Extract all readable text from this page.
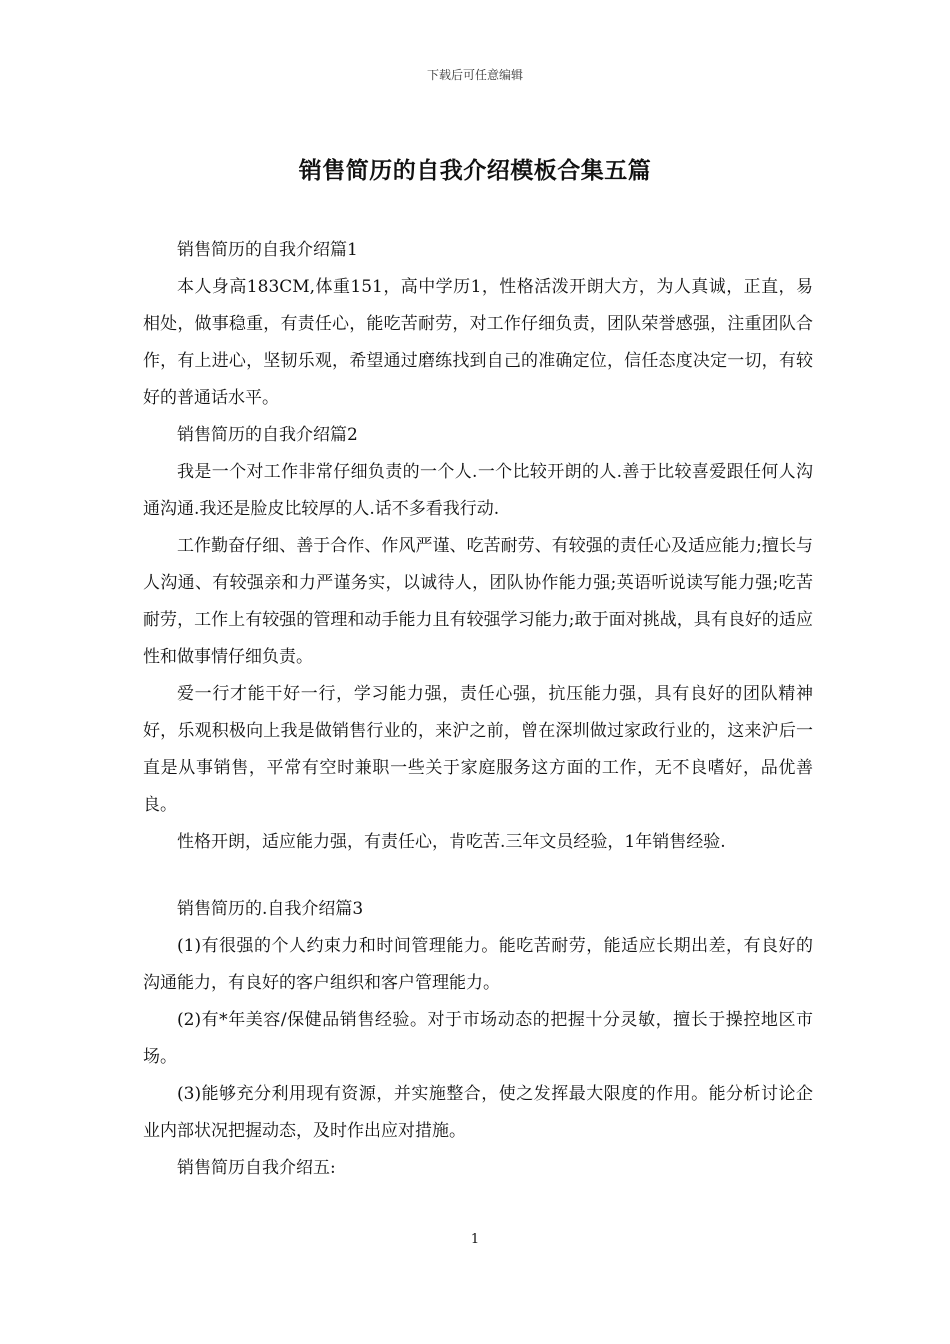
下载后可任意编辑
销售简历的自我介绍模板合集五篇

销售简历的自我介绍篇1

本人身高183CM,体重151，高中学历1，性格活泼开朗大方，为人真诚，正直，易相处，做事稳重，有责任心，能吃苦耐劳，对工作仔细负责，团队荣誉感强，注重团队合作，有上进心，坚韧乐观，希望通过磨练找到自己的准确定位，信任态度决定一切，有较好的普通话水平。

销售简历的自我介绍篇2

我是一个对工作非常仔细负责的一个人.一个比较开朗的人.善于比较喜爱跟任何人沟通沟通.我还是脸皮比较厚的人.话不多看我行动.

工作勤奋仔细、善于合作、作风严谨、吃苦耐劳、有较强的责任心及适应能力;擅长与人沟通、有较强亲和力严谨务实，以诚待人，团队协作能力强;英语听说读写能力强;吃苦耐劳，工作上有较强的管理和动手能力且有较强学习能力;敢于面对挑战，具有良好的适应性和做事情仔细负责。

爱一行才能干好一行，学习能力强，责任心强，抗压能力强，具有良好的团队精神好，乐观积极向上我是做销售行业的，来沪之前，曾在深圳做过家政行业的，这来沪后一直是从事销售，平常有空时兼职一些关于家庭服务这方面的工作，无不良嗜好，品优善良。

性格开朗，适应能力强，有责任心，肯吃苦.三年文员经验，1年销售经验.

销售简历的.自我介绍篇3

(1)有很强的个人约束力和时间管理能力。能吃苦耐劳，能适应长期出差，有良好的沟通能力，有良好的客户组织和客户管理能力。

(2)有*年美容/保健品销售经验。对于市场动态的把握十分灵敏，擅长于操控地区市场。

(3)能够充分利用现有资源，并实施整合，使之发挥最大限度的作用。能分析讨论企业内部状况把握动态，及时作出应对措施。

销售简历自我介绍五:

1
